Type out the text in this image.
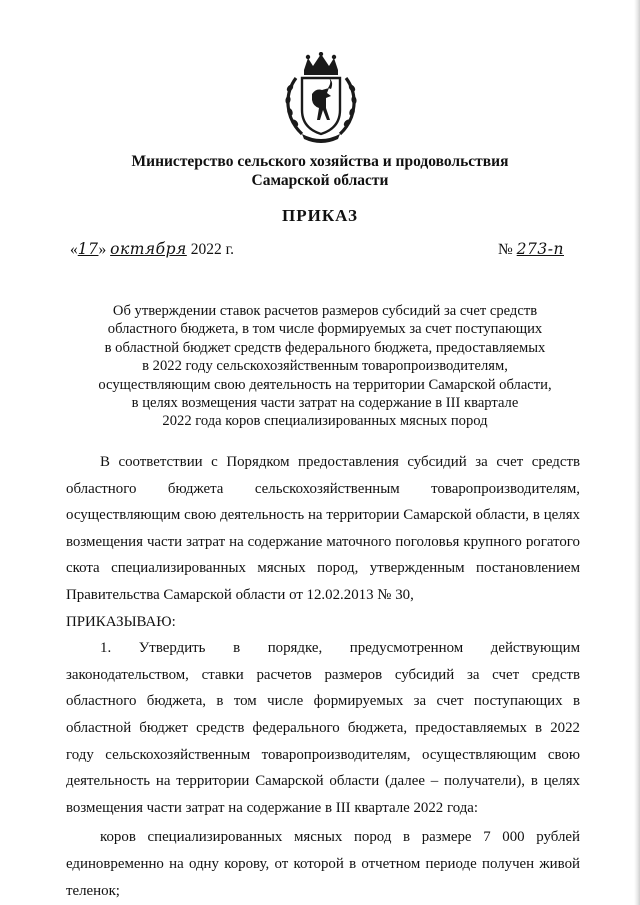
Министерство сельского хозяйства и продовольствия
Самарской области
ПРИКАЗ
«17» октября 2022 г.	№ 273-п
Об утверждении ставок расчетов размеров субсидий за счет средств
областного бюджета, в том числе формируемых за счет поступающих
в областной бюджет средств федерального бюджета, предоставляемых
в 2022 году сельскохозяйственным товаропроизводителям,
осуществляющим свою деятельность на территории Самарской области,
в целях возмещения части затрат на содержание в III квартале
2022 года коров специализированных мясных пород

В соответствии с Порядком предоставления субсидий за счет средств областного бюджета сельскохозяйственным товаропроизводителям, осуществляющим свою деятельность на территории Самарской области, в целях возмещения части затрат на содержание маточного поголовья крупного рогатого скота специализированных мясных пород, утвержденным постановлением Правительства Самарской области от 12.02.2013 № 30,

ПРИКАЗЫВАЮ:

1. Утвердить в порядке, предусмотренном действующим законодательством, ставки расчетов размеров субсидий за счет средств областного бюджета, в том числе формируемых за счет поступающих в областной бюджет средств федерального бюджета, предоставляемых в 2022 году сельскохозяйственным товаропроизводителям, осуществляющим свою деятельность на территории Самарской области (далее – получатели), в целях возмещения части затрат на содержание в III квартале 2022 года:

коров специализированных мясных пород в размере 7 000 рублей единовременно на одну корову, от которой в отчетном периоде получен живой теленок;
